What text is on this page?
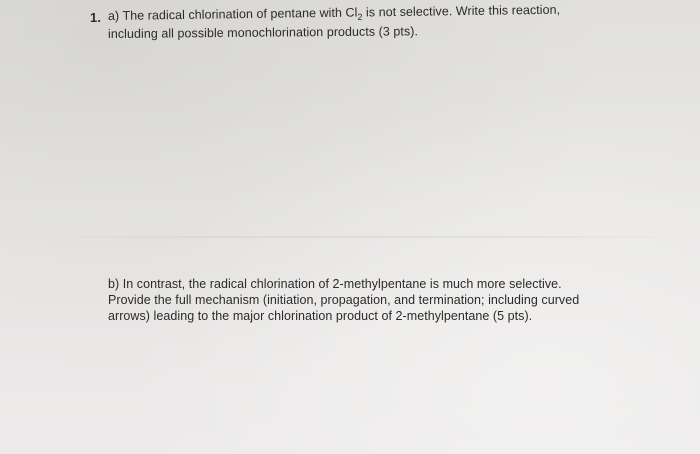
1. a) The radical chlorination of pentane with $Cl_2$ is not selective. Write this reaction,
including all possible monochlorination products (3 pts).
b) In contrast, the radical chlorination of 2-methylpentane is much more selective.
Provide the full mechanism (initiation, propagation, and termination; including curved
arrows) leading to the major chlorination product of 2-methylpentane (5 pts).
